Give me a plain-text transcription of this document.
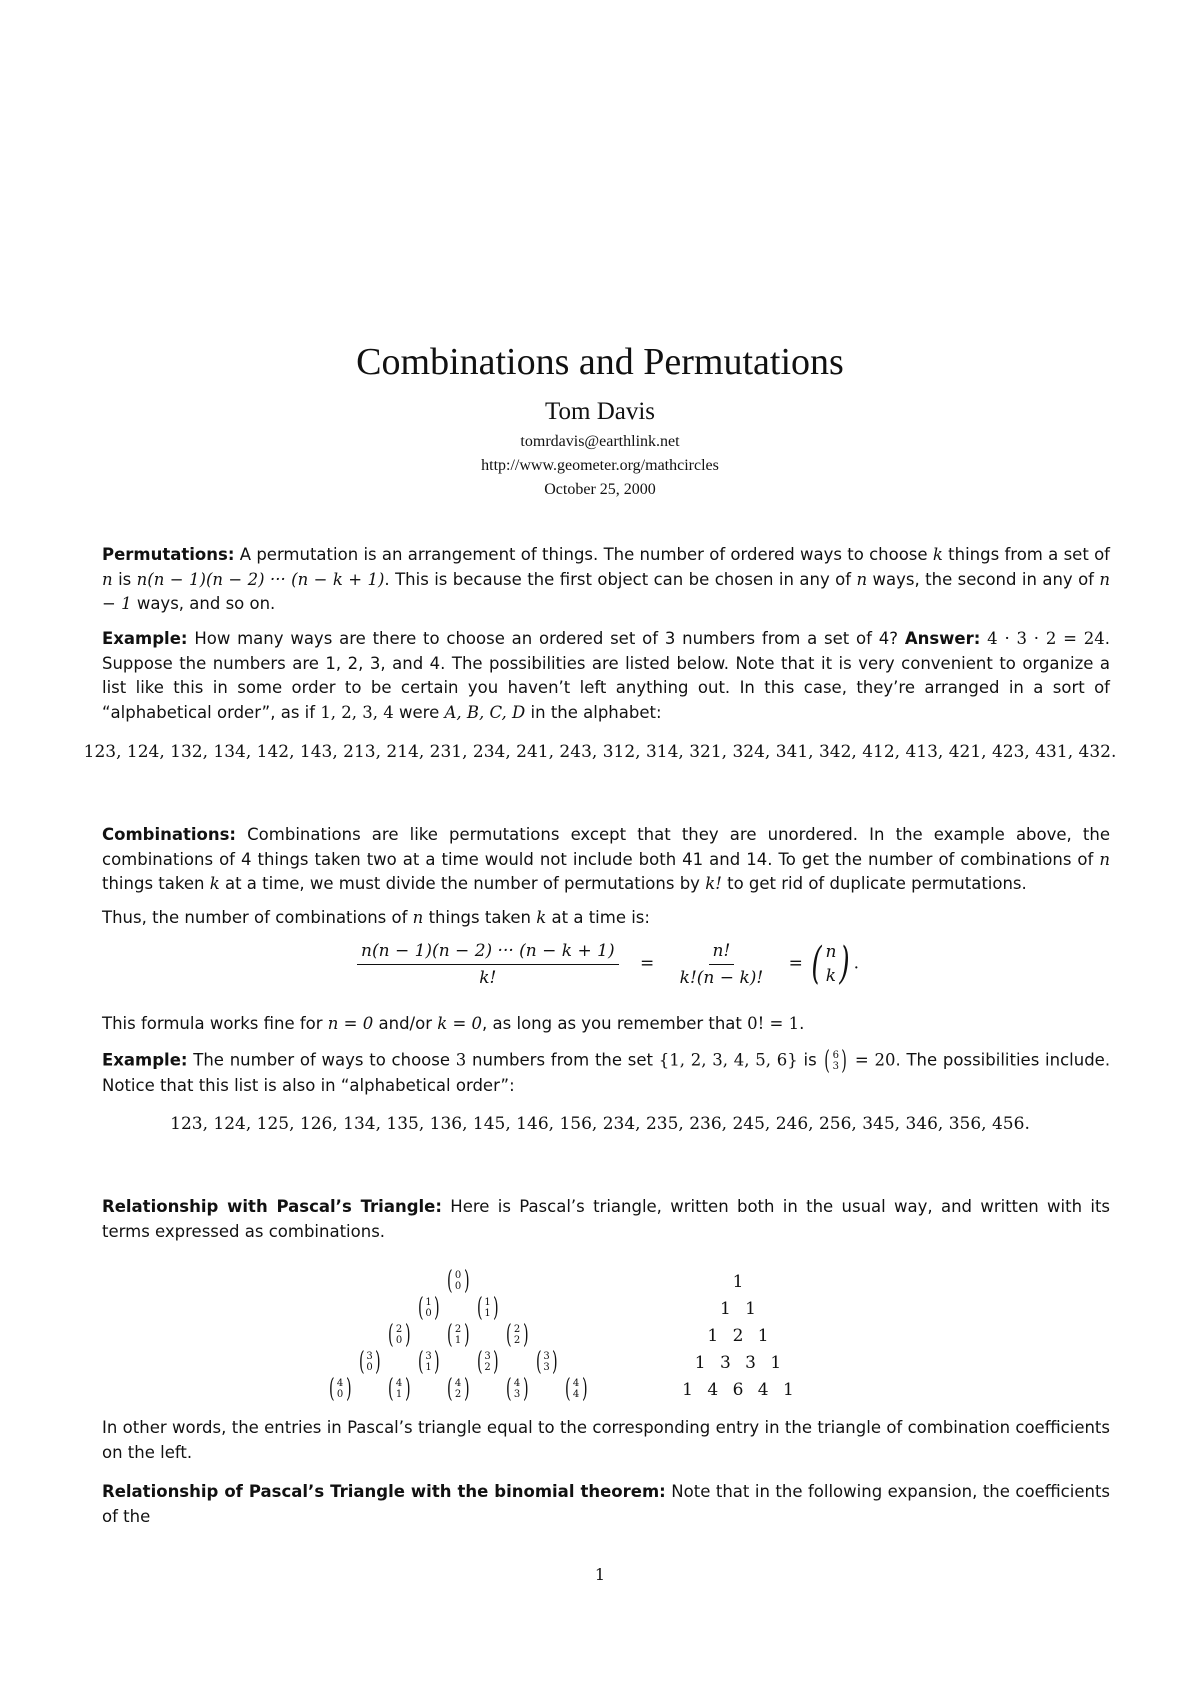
Combinations and Permutations
Tom Davis
tomrdavis@earthlink.net
http://www.geometer.org/mathcircles
October 25, 2000
Permutations: A permutation is an arrangement of things. The number of ordered ways to choose k things from a set of n is n(n − 1)(n − 2) ··· (n − k + 1). This is because the first object can be chosen in any of n ways, the second in any of n − 1 ways, and so on.
Example: How many ways are there to choose an ordered set of 3 numbers from a set of 4? Answer: 4 · 3 · 2 = 24. Suppose the numbers are 1, 2, 3, and 4. The possibilities are listed below. Note that it is very convenient to organize a list like this in some order to be certain you haven’t left anything out. In this case, they’re arranged in a sort of “alphabetical order”, as if 1, 2, 3, 4 were A, B, C, D in the alphabet:
123, 124, 132, 134, 142, 143, 213, 214, 231, 234, 241, 243, 312, 314, 321, 324, 341, 342, 412, 413, 421, 423, 431, 432.
Combinations: Combinations are like permutations except that they are unordered. In the example above, the combinations of 4 things taken two at a time would not include both 41 and 14. To get the number of combinations of n things taken k at a time, we must divide the number of permutations by k! to get rid of duplicate permutations.
Thus, the number of combinations of n things taken k at a time is:
$\frac{n(n - 1)(n - 2) \cdot\cdot\cdot (n - k + 1)}{k!} = \frac{n!}{k!(n - k)!}$ = ( n
k ) .
This formula works fine for n = 0 and/or k = 0, as long as you remember that 0! = 1.
Example: The number of ways to choose 3 numbers from the set {1, 2, 3, 4, 5, 6} is ( 6
3 ) = 20. The possibilities include. Notice that this list is also in “alphabetical order”:
123, 124, 125, 126, 134, 135, 136, 145, 146, 156, 234, 235, 236, 245, 246, 256, 345, 346, 356, 456.
Relationship with Pascal’s Triangle: Here is Pascal’s triangle, written both in the usual way, and written with its terms expressed as combinations.
( 0
0 )
( 1
0 ) ( 1
1 )
( 2
0 ) ( 2
1 ) ( 2
2 )
( 3
0 ) ( 3
1 ) ( 3
2 ) ( 3
3 )
( 4
0 ) ( 4
1 ) ( 4
2 ) ( 4
3 ) ( 4
4 )
1
1 1
1 2 1
1 3 3 1
1 4 6 4 1
In other words, the entries in Pascal’s triangle equal to the corresponding entry in the triangle of combination coefficients on the left.
Relationship of Pascal’s Triangle with the binomial theorem: Note that in the following expansion, the coefficients of the
1
